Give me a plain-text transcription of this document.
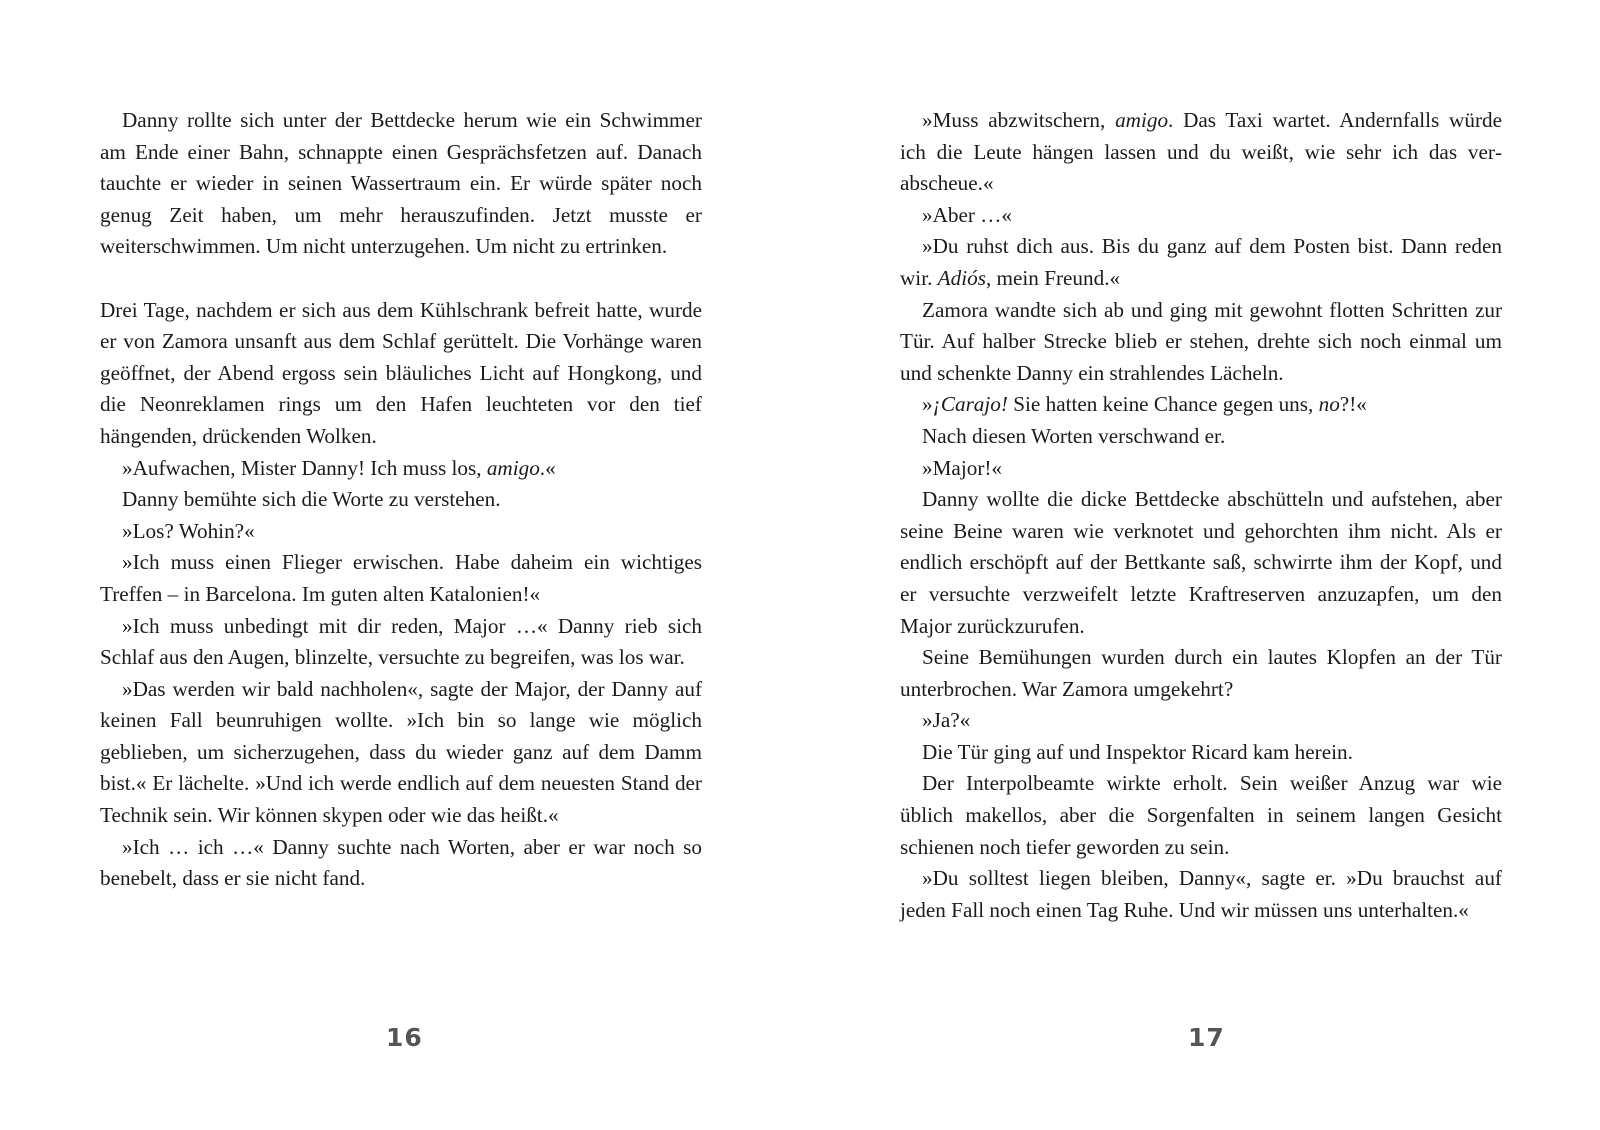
Danny rollte sich unter der Bettdecke herum wie ein Schwimmer am Ende einer Bahn, schnappte einen Gesprächsfetzen auf. Danach tauchte er wieder in seinen Wassertraum ein. Er würde später noch genug Zeit haben, um mehr herauszufinden. Jetzt musste er weiterschwimmen. Um nicht unterzugehen. Um nicht zu ertrinken.

Drei Tage, nachdem er sich aus dem Kühlschrank befreit hatte, wurde er von Zamora unsanft aus dem Schlaf gerüttelt. Die Vorhänge waren geöffnet, der Abend ergoss sein bläuliches Licht auf Hongkong, und die Neonreklamen rings um den Hafen leuchteten vor den tief hängenden, drückenden Wolken.

»Aufwachen, Mister Danny! Ich muss los, amigo.«

Danny bemühte sich die Worte zu verstehen.

»Los? Wohin?«

»Ich muss einen Flieger erwischen. Habe daheim ein wichtiges Treffen – in Barcelona. Im guten alten Katalonien!«

»Ich muss unbedingt mit dir reden, Major …« Danny rieb sich Schlaf aus den Augen, blinzelte, versuchte zu begreifen, was los war.

»Das werden wir bald nachholen«, sagte der Major, der Danny auf keinen Fall beunruhigen wollte. »Ich bin so lange wie möglich geblieben, um sicherzugehen, dass du wieder ganz auf dem Damm bist.« Er lächelte. »Und ich werde endlich auf dem neuesten Stand der Technik sein. Wir können skypen oder wie das heißt.«

»Ich … ich …« Danny suchte nach Worten, aber er war noch so benebelt, dass er sie nicht fand.

»Muss abzwitschern, amigo. Das Taxi wartet. Andernfalls würde ich die Leute hängen lassen und du weißt, wie sehr ich das verabscheue.«

»Aber …«

»Du ruhst dich aus. Bis du ganz auf dem Posten bist. Dann reden wir. Adiós, mein Freund.«

Zamora wandte sich ab und ging mit gewohnt flotten Schritten zur Tür. Auf halber Strecke blieb er stehen, drehte sich noch einmal um und schenkte Danny ein strahlendes Lächeln.

»¡Carajo! Sie hatten keine Chance gegen uns, no?!«

Nach diesen Worten verschwand er.

»Major!«

Danny wollte die dicke Bettdecke abschütteln und aufstehen, aber seine Beine waren wie verknotet und gehorchten ihm nicht. Als er endlich erschöpft auf der Bettkante saß, schwirrte ihm der Kopf, und er versuchte verzweifelt letzte Kraftreserven anzuzapfen, um den Major zurückzurufen.

Seine Bemühungen wurden durch ein lautes Klopfen an der Tür unterbrochen. War Zamora umgekehrt?

»Ja?«

Die Tür ging auf und Inspektor Ricard kam herein.

Der Interpolbeamte wirkte erholt. Sein weißer Anzug war wie üblich makellos, aber die Sorgenfalten in seinem langen Gesicht schienen noch tiefer geworden zu sein.

»Du solltest liegen bleiben, Danny«, sagte er. »Du brauchst auf jeden Fall noch einen Tag Ruhe. Und wir müssen uns unterhalten.«

16	17
